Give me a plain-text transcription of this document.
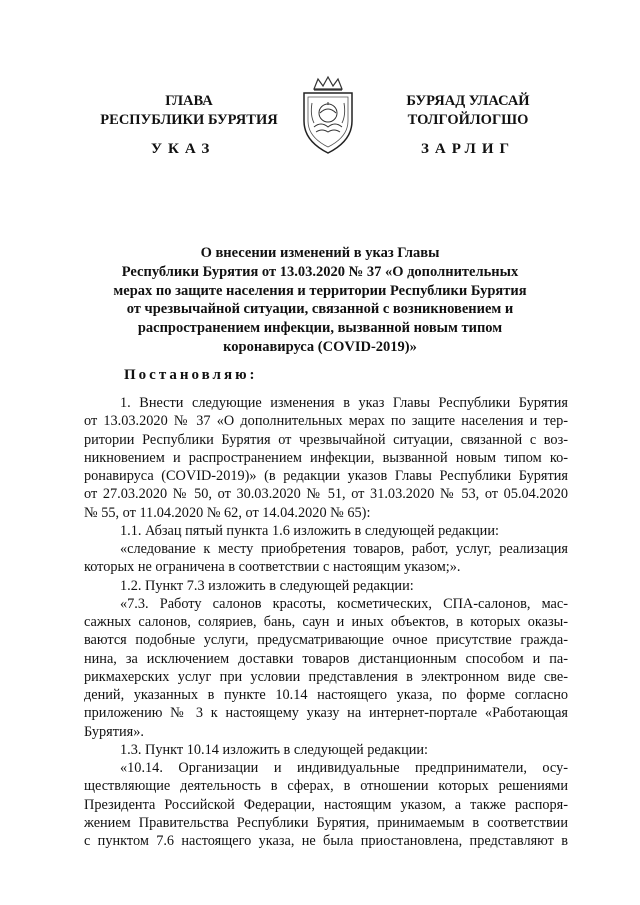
ГЛАВА
РЕСПУБЛИКИ БУРЯТИЯ
БУРЯАД УЛАСАЙ
ТОЛГОЙЛОГШО
УКАЗ	ЗАРЛИГ
О внесении изменений в указ Главы
Республики Бурятия от 13.03.2020 № 37 «О дополнительных
мерах по защите населения и территории Республики Бурятия
от чрезвычайной ситуации, связанной с возникновением и
распространением инфекции, вызванной новым типом
коронавируса (COVID-2019)»
Постановляю:
1. Внести следующие изменения в указ Главы Республики Бурятия
от 13.03.2020 № 37 «О дополнительных мерах по защите населения и тер-
ритории Республики Бурятия от чрезвычайной ситуации, связанной с воз-
никновением и распространением инфекции, вызванной новым типом ко-
ронавируса (COVID-2019)» (в редакции указов Главы Республики Бурятия
от 27.03.2020 № 50, от 30.03.2020 № 51, от 31.03.2020 № 53, от 05.04.2020
№ 55, от 11.04.2020 № 62, от 14.04.2020 № 65):
1.1. Абзац пятый пункта 1.6 изложить в следующей редакции:
«следование к месту приобретения товаров, работ, услуг, реализация
которых не ограничена в соответствии с настоящим указом;».
1.2. Пункт 7.3 изложить в следующей редакции:
«7.3. Работу салонов красоты, косметических, СПА-салонов, мас-
сажных салонов, соляриев, бань, саун и иных объектов, в которых оказы-
ваются подобные услуги, предусматривающие очное присутствие гражда-
нина, за исключением доставки товаров дистанционным способом и па-
рикмахерских услуг при условии представления в электронном виде све-
дений, указанных в пункте 10.14 настоящего указа, по форме согласно
приложению № 3 к настоящему указу на интернет-портале «Работающая
Бурятия».
1.3. Пункт 10.14 изложить в следующей редакции:
«10.14. Организации и индивидуальные предприниматели, осу-
ществляющие деятельность в сферах, в отношении которых решениями
Президента Российской Федерации, настоящим указом, а также распоря-
жением Правительства Республики Бурятия, принимаемым в соответствии
с пунктом 7.6 настоящего указа, не была приостановлена, представляют в
